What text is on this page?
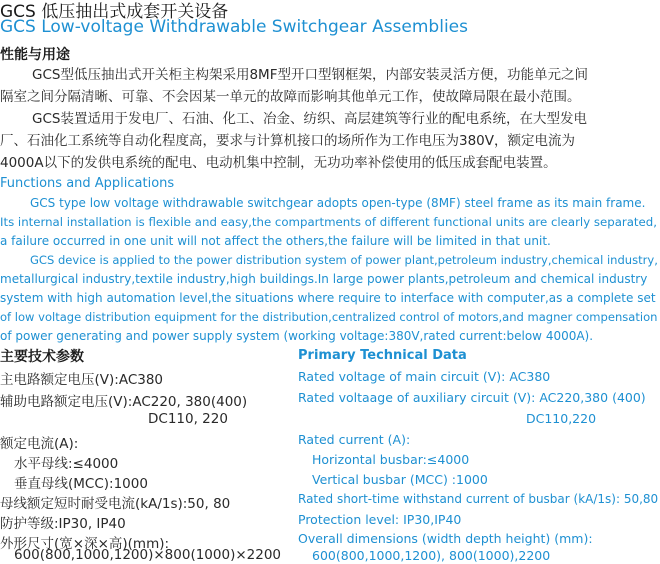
GCS 低压抽出式成套开关设备
GCS Low-voltage Withdrawable Switchgear Assemblies
性能与用途
GCS型低压抽出式开关柜主构架采用8MF型开口型钢框架，内部安装灵活方便，功能单元之间
隔室之间分隔清晰、可靠、不会因某一单元的故障而影响其他单元工作，使故障局限在最小范围。
GCS装置适用于发电厂、石油、化工、冶金、纺织、高层建筑等行业的配电系统，在大型发电
厂、石油化工系统等自动化程度高，要求与计算机接口的场所作为工作电压为380V，额定电流为
4000A以下的发供电系统的配电、电动机集中控制，无功功率补偿使用的低压成套配电装置。
Functions and Applications
GCS type low voltage withdrawable switchgear adopts open-type (8MF) steel frame as its main frame.
Its internal installation is flexible and easy,the compartments of different functional units are clearly separated,
a failure occurred in one unit will not affect the others,the failure will be limited in that unit.
GCS device is applied to the power distribution system of power plant,petroleum industry,chemical industry,
metallurgical industry,textile industry,high buildings.In large power plants,petroleum and chemical industry
system with high automation level,the situations where require to interface with computer,as a complete set
of low voltage distribution equipment for the distribution,centralized control of motors,and magner compensation
of power generating and power supply system (working voltage:380V,rated current:below 4000A).
主要技术参数	Primary Technical Data
主电路额定电压(V):AC380
辅助电路额定电压(V):AC220, 380(400)
DC110, 220
额定电流(A):
水平母线:≤4000
垂直母线(MCC):1000
母线额定短时耐受电流(kA/1s):50, 80
防护等级:IP30, IP40
外形尺寸(宽×深×高)(mm):
600(800,1000,1200)×800(1000)×2200
Rated voltage of main circuit (V): AC380
Rated voltaage of auxiliary circuit (V): AC220,380 (400)
DC110,220
Rated current (A):
Horizontal busbar:≤4000
Vertical busbar (MCC) :1000
Rated short-time withstand current of busbar (kA/1s): 50,80
Protection level: IP30,IP40
Overall dimensions (width depth height) (mm):
600(800,1000,1200), 800(1000),2200
